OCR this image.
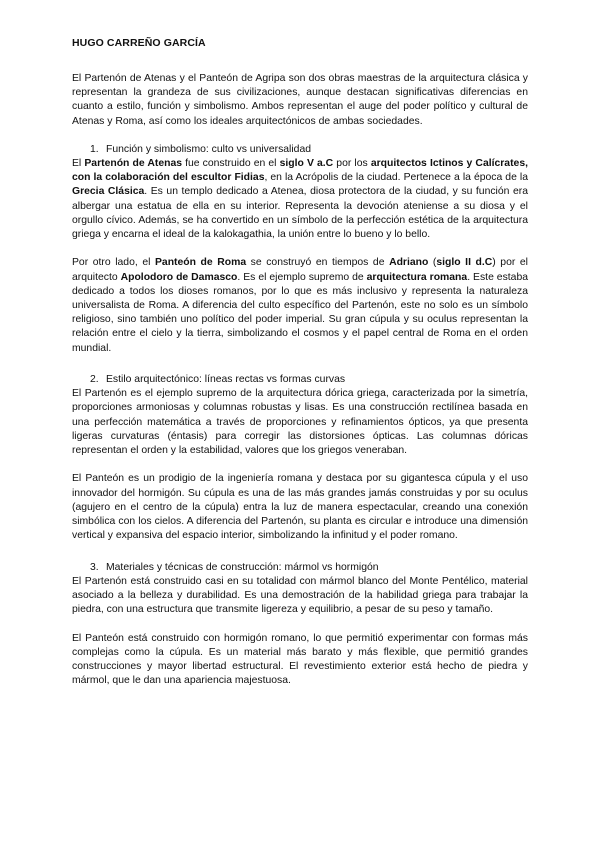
HUGO CARREÑO GARCÍA

El Partenón de Atenas y el Panteón de Agripa son dos obras maestras de la arquitectura clásica y representan la grandeza de sus civilizaciones, aunque destacan significativas diferencias en cuanto a estilo, función y simbolismo. Ambos representan el auge del poder político y cultural de Atenas y Roma, así como los ideales arquitectónicos de ambas sociedades.

1. Función y simbolismo: culto vs universalidad

El Partenón de Atenas fue construido en el siglo V a.C por los arquitectos Ictinos y Calícrates, con la colaboración del escultor Fidias, en la Acrópolis de la ciudad. Pertenece a la época de la Grecia Clásica. Es un templo dedicado a Atenea, diosa protectora de la ciudad, y su función era albergar una estatua de ella en su interior. Representa la devoción ateniense a su diosa y el orgullo cívico. Además, se ha convertido en un símbolo de la perfección estética de la arquitectura griega y encarna el ideal de la kalokagathia, la unión entre lo bueno y lo bello.

Por otro lado, el Panteón de Roma se construyó en tiempos de Adriano (siglo II d.C) por el arquitecto Apolodoro de Damasco. Es el ejemplo supremo de arquitectura romana. Este estaba dedicado a todos los dioses romanos, por lo que es más inclusivo y representa la naturaleza universalista de Roma. A diferencia del culto específico del Partenón, este no solo es un símbolo religioso, sino también uno político del poder imperial. Su gran cúpula y su oculus representan la relación entre el cielo y la tierra, simbolizando el cosmos y el papel central de Roma en el orden mundial.

2. Estilo arquitectónico: líneas rectas vs formas curvas

El Partenón es el ejemplo supremo de la arquitectura dórica griega, caracterizada por la simetría, proporciones armoniosas y columnas robustas y lisas. Es una construcción rectilínea basada en una perfección matemática a través de proporciones y refinamientos ópticos, ya que presenta ligeras curvaturas (éntasis) para corregir las distorsiones ópticas. Las columnas dóricas representan el orden y la estabilidad, valores que los griegos veneraban.

El Panteón es un prodigio de la ingeniería romana y destaca por su gigantesca cúpula y el uso innovador del hormigón. Su cúpula es una de las más grandes jamás construidas y por su oculus (agujero en el centro de la cúpula) entra la luz de manera espectacular, creando una conexión simbólica con los cielos. A diferencia del Partenón, su planta es circular e introduce una dimensión vertical y expansiva del espacio interior, simbolizando la infinitud y el poder romano.

3. Materiales y técnicas de construcción: mármol vs hormigón

El Partenón está construido casi en su totalidad con mármol blanco del Monte Pentélico, material asociado a la belleza y durabilidad. Es una demostración de la habilidad griega para trabajar la piedra, con una estructura que transmite ligereza y equilibrio, a pesar de su peso y tamaño.

El Panteón está construido con hormigón romano, lo que permitió experimentar con formas más complejas como la cúpula. Es un material más barato y más flexible, que permitió grandes construcciones y mayor libertad estructural. El revestimiento exterior está hecho de piedra y mármol, que le dan una apariencia majestuosa.
